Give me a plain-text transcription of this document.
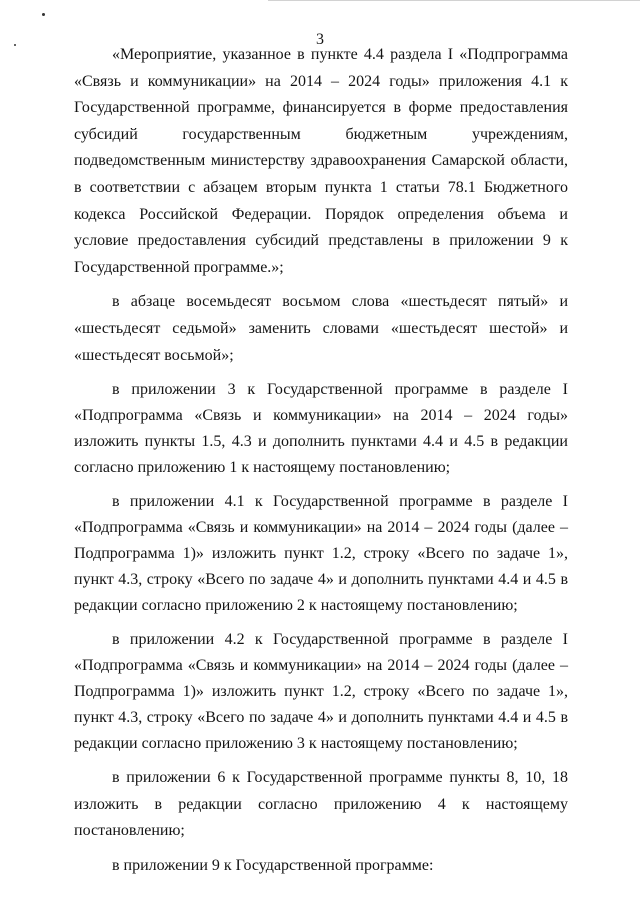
3

«Мероприятие, указанное в пункте 4.4 раздела I «Подпрограмма «Связь и коммуникации» на 2014 – 2024 годы» приложения 4.1 к Государственной программе, финансируется в форме предоставления субсидий государственным бюджетным учреждениям, подведомственным министерству здравоохранения Самарской области, в соответствии с абзацем вторым пункта 1 статьи 78.1 Бюджетного кодекса Российской Федерации. Порядок определения объема и условие предоставления субсидий представлены в приложении 9 к Государственной программе.»;

в абзаце восемьдесят восьмом слова «шестьдесят пятый» и «шестьдесят седьмой» заменить словами «шестьдесят шестой» и «шестьдесят восьмой»;

в приложении 3 к Государственной программе в разделе I «Подпрограмма «Связь и коммуникации» на 2014 – 2024 годы» изложить пункты 1.5, 4.3 и дополнить пунктами 4.4 и 4.5 в редакции согласно приложению 1 к настоящему постановлению;

в приложении 4.1 к Государственной программе в разделе I «Подпрограмма «Связь и коммуникации» на 2014 – 2024 годы (далее – Подпрограмма 1)» изложить пункт 1.2, строку «Всего по задаче 1», пункт 4.3, строку «Всего по задаче 4» и дополнить пунктами 4.4 и 4.5 в редакции согласно приложению 2 к настоящему постановлению;

в приложении 4.2 к Государственной программе в разделе I «Подпрограмма «Связь и коммуникации» на 2014 – 2024 годы (далее – Подпрограмма 1)» изложить пункт 1.2, строку «Всего по задаче 1», пункт 4.3, строку «Всего по задаче 4» и дополнить пунктами 4.4 и 4.5 в редакции согласно приложению 3 к настоящему постановлению;

в приложении 6 к Государственной программе пункты 8, 10, 18 изложить в редакции согласно приложению 4 к настоящему постановлению;

в приложении 9 к Государственной программе:
